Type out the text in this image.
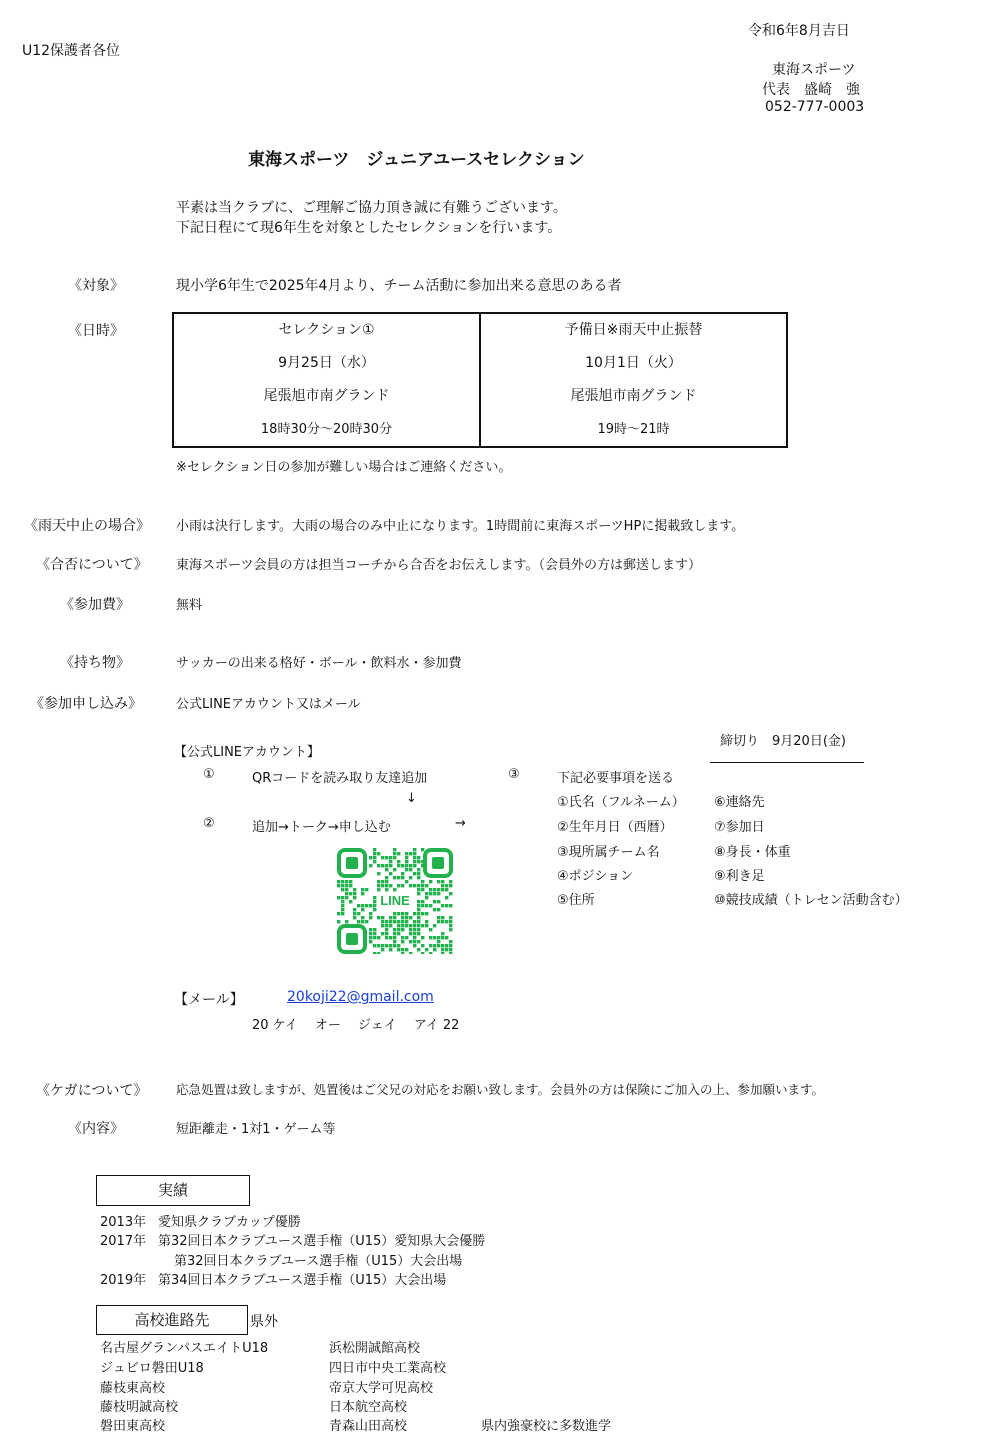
令和6年8月吉日
U12保護者各位
東海スポーツ
代表　盛崎　強
052-777-0003
東海スポーツ　ジュニアユースセレクション
平素は当クラブに、ご理解ご協力頂き誠に有難うございます。
下記日程にて現6年生を対象としたセレクションを行います。
《対象》	現小学6年生で2025年4月より、チーム活動に参加出来る意思のある者
《日時》	セレクション①
9月25日（水）
尾張旭市南グランド
18時30分～20時30分

予備日※雨天中止振替
10月1日（火）
尾張旭市南グランド
19時～21時
※セレクション日の参加が難しい場合はご連絡ください。
《雨天中止の場合》 小雨は決行します。大雨の場合のみ中止になります。1時間前に東海スポーツHPに掲載致します。
《合否について》 東海スポーツ会員の方は担当コーチから合否をお伝えします。（会員外の方は郵送します）
《参加費》	無料
《持ち物》	サッカーの出来る格好・ボール・飲料水・参加費
《参加申し込み》	公式LINEアカウント又はメール
締切り　9月20日(金)
【公式LINEアカウント】
①	QRコードを読み取り友達追加
↓
②	追加→トーク→申し込む	→
③	下記必要事項を送る
①氏名（フルネーム）
②生年月日（西暦）
③現所属チーム名
④ポジション
⑤住所
⑥連絡先
⑦参加日
⑧身長・体重
⑨利き足
⑩競技成績（トレセン活動含む）
LINE
【メール】	20koji22@gmail.com
20 ケイ　 オー　 ジェイ　 アイ 22
《ケガについて》 応急処置は致しますが、処置後はご父兄の対応をお願い致します。会員外の方は保険にご加入の上、参加願います。
《内容》	短距離走・1対1・ゲーム等
実績
2013年 愛知県クラブカップ優勝
2017年 第32回日本クラブユース選手権（U15）愛知県大会優勝
第32回日本クラブユース選手権（U15）大会出場
2019年 第34回日本クラブユース選手権（U15）大会出場
高校進路先	県外
名古屋グランパスエイトU18
ジュビロ磐田U18
藤枝東高校
藤枝明誠高校
磐田東高校
浜松開誠館高校
四日市中央工業高校
帝京大学可児高校
日本航空高校
青森山田高校	県内強豪校に多数進学
